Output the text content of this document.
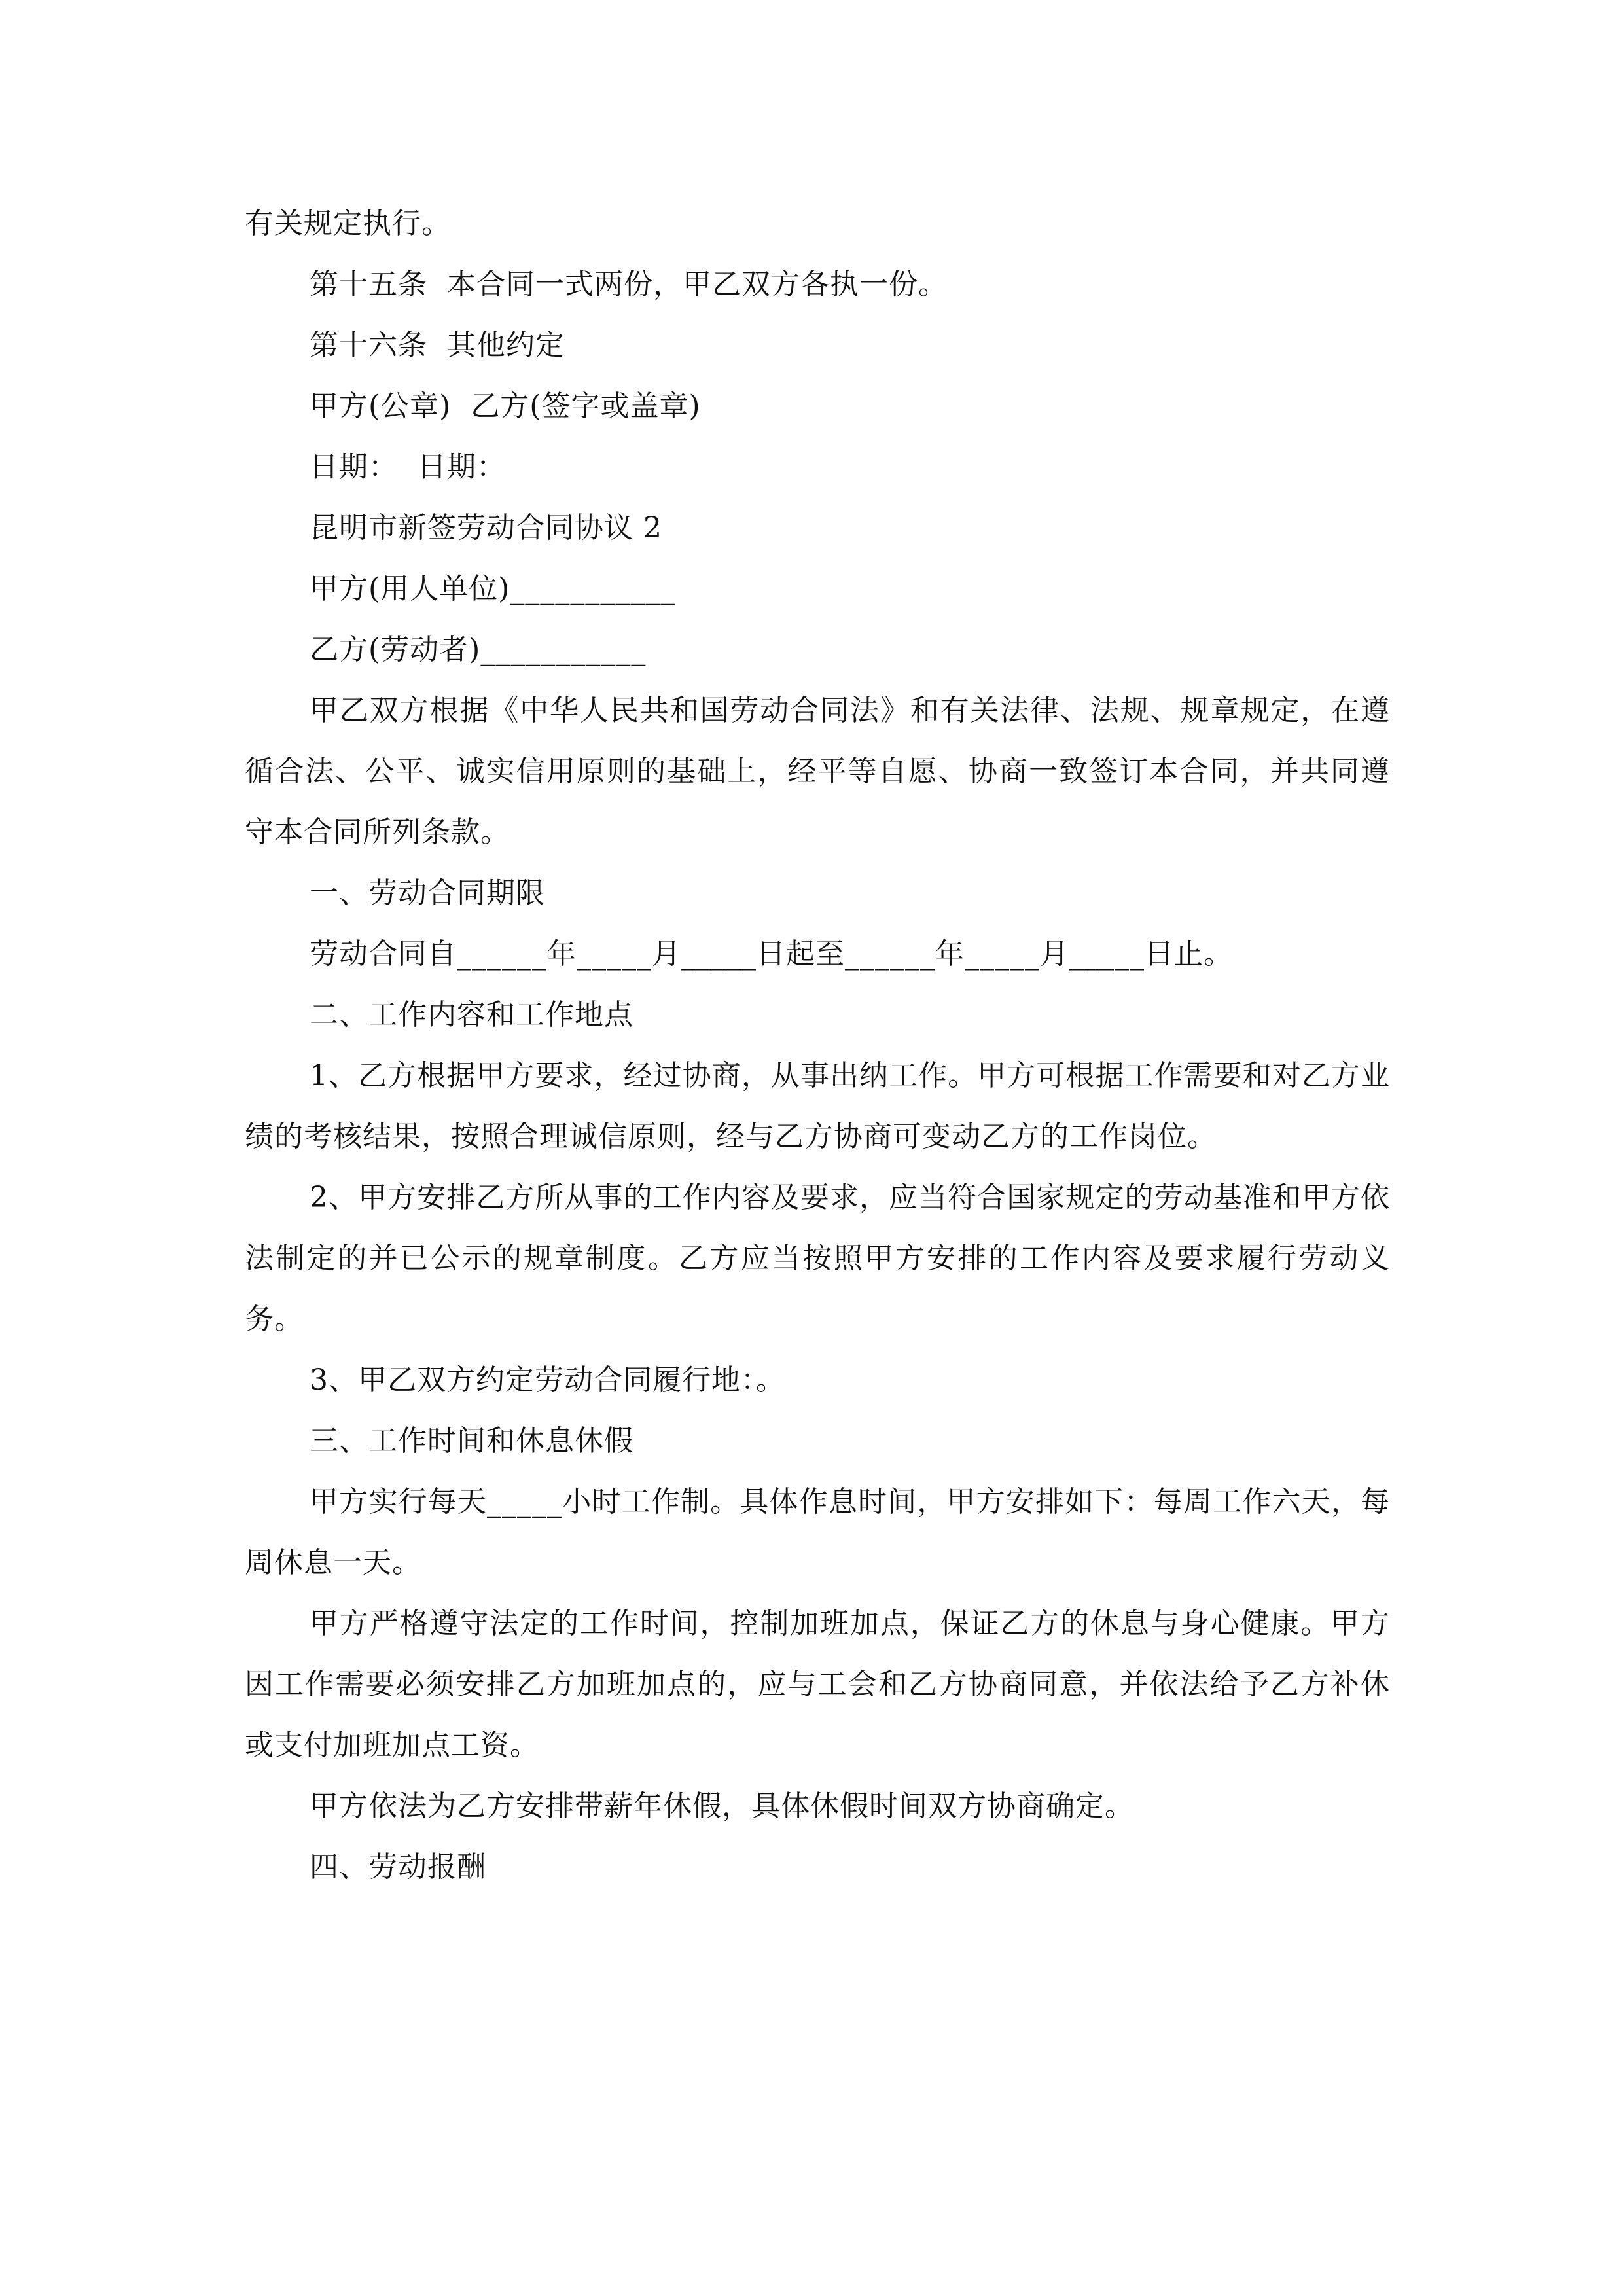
有关规定执行。

第十五条  本合同一式两份，甲乙双方各执一份。

第十六条  其他约定

甲方(公章)  乙方(签字或盖章)

日期：  日期：

昆明市新签劳动合同协议 2

甲方(用人单位)___________

乙方(劳动者)___________

甲乙双方根据《中华人民共和国劳动合同法》和有关法律、法规、规章规定，在遵循合法、公平、诚实信用原则的基础上，经平等自愿、协商一致签订本合同，并共同遵守本合同所列条款。

一、劳动合同期限

劳动合同自______年_____月_____日起至______年_____月_____日止。

二、工作内容和工作地点

1、乙方根据甲方要求，经过协商，从事出纳工作。甲方可根据工作需要和对乙方业绩的考核结果，按照合理诚信原则，经与乙方协商可变动乙方的工作岗位。

2、甲方安排乙方所从事的工作内容及要求，应当符合国家规定的劳动基准和甲方依法制定的并已公示的规章制度。乙方应当按照甲方安排的工作内容及要求履行劳动义务。

3、甲乙双方约定劳动合同履行地：。

三、工作时间和休息休假

甲方实行每天_____小时工作制。具体作息时间，甲方安排如下：每周工作六天，每周休息一天。

甲方严格遵守法定的工作时间，控制加班加点，保证乙方的休息与身心健康。甲方因工作需要必须安排乙方加班加点的，应与工会和乙方协商同意，并依法给予乙方补休或支付加班加点工资。

甲方依法为乙方安排带薪年休假，具体休假时间双方协商确定。

四、劳动报酬
